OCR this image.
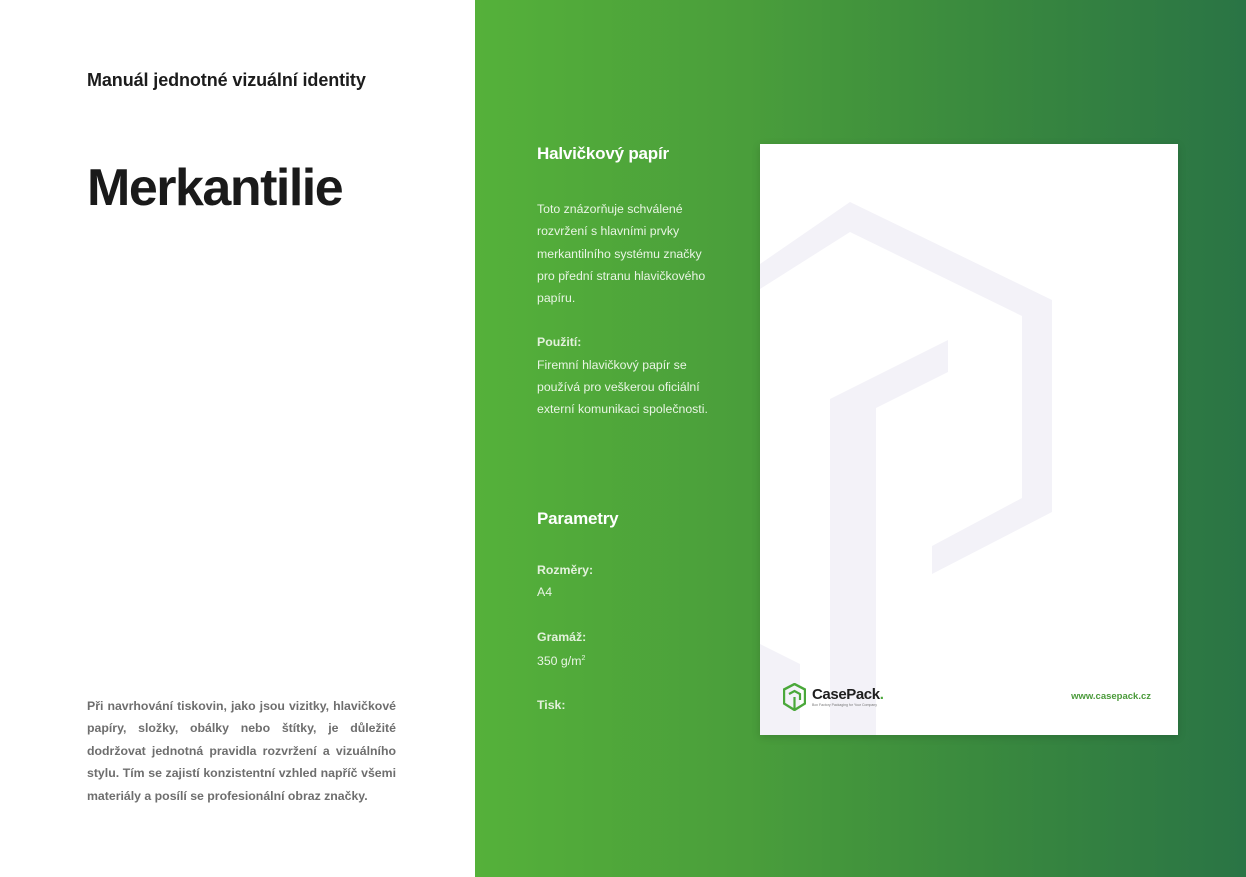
Manuál jednotné vizuální identity
Merkantilie

Při navrhování tiskovin, jako jsou vizitky, hlavičkové papíry, složky, obálky nebo štítky, je důležité dodržovat jednotná pravidla rozvržení a vizuálního stylu. Tím se zajistí konzistentní vzhled napříč všemi materiály a posílí se profesionální obraz značky.

Halvičkový papír

Toto znázorňuje schválené rozvržení s hlavními prvky merkantilního systému značky pro přední stranu hlavičkového papíru.

Použití:

Firemní hlavičkový papír se používá pro veškerou oficiální externí komunikaci společnosti.

Parametry

Rozměry:

A4

Gramáž:

350 $g/m^2$

Tisk:

CasePack.
Box Factory Packaging for Your Company
www.casepack.cz
